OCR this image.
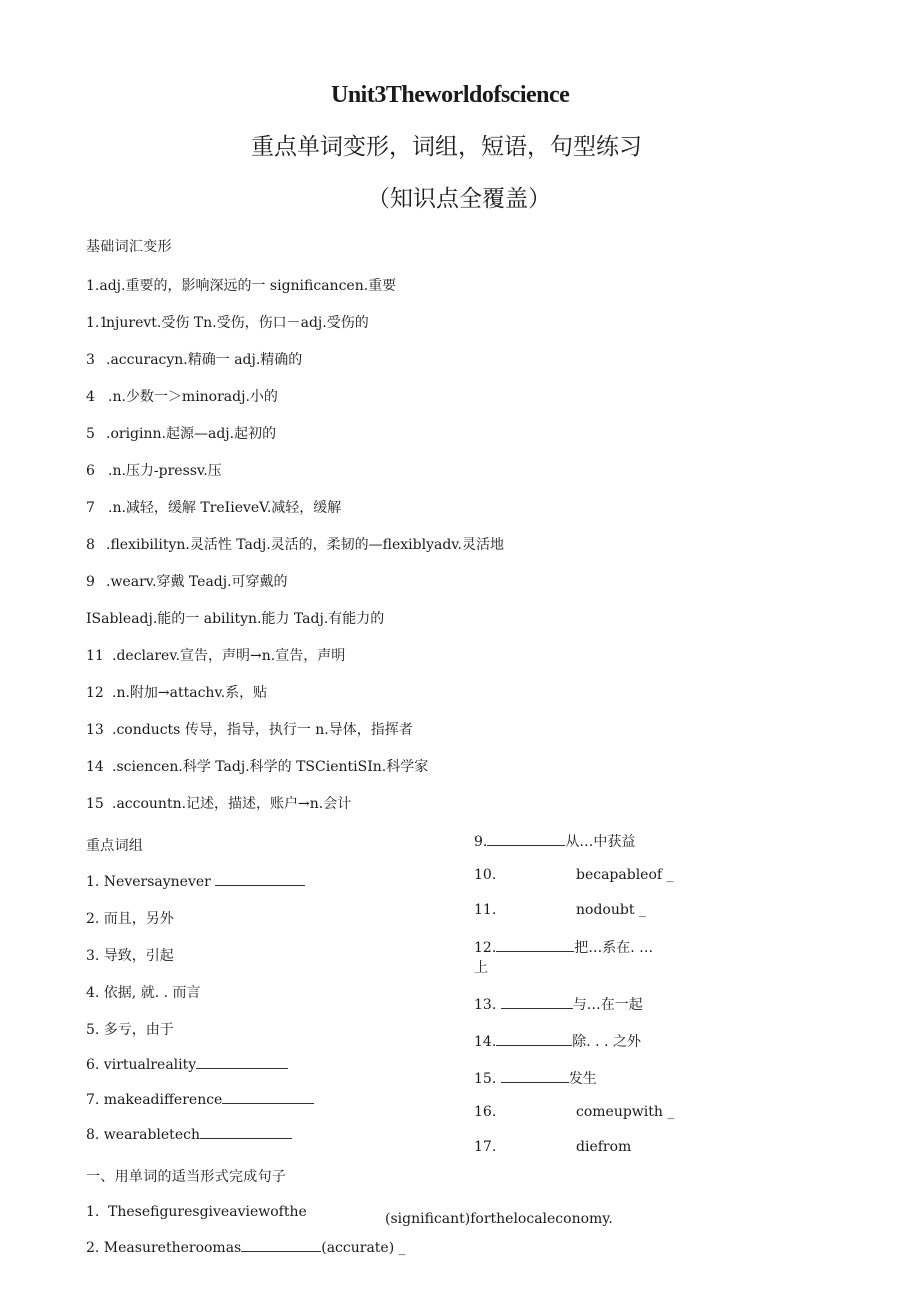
Unit3Theworldofscience
重点单词变形，词组，短语，句型练习
（知识点全覆盖）
基础词汇变形
1.adj.重要的，影响深远的一 significancen.重要
1.1njurevt.受伤 Tn.受伤，伤口－adj.受伤的
3 .accuracyn.精确一 adj.精确的
4 .n.少数一＞minoradj.小的
5 .originn.起源—adj.起初的
6 .n.压力-pressv.压
7 .n.减轻，缓解 TreIieveV.减轻，缓解
8 .flexibilityn.灵活性 Tadj.灵活的，柔韧的—flexiblyadv.灵活地
9 .wearv.穿戴 Teadj.可穿戴的
ISableadj.能的一 abilityn.能力 Tadj.有能力的
11 .declarev.宣告，声明→n.宣告，声明
12 .n.附加→attachv.系，贴
13 .conducts 传导，指导，执行一 n.导体，指挥者
14 .sciencen.科学 Tadj.科学的 TSCientiSIn.科学家
15 .accountn.记述，描述，账户→n.会计
重点词组
1. Neversaynever
2. 而且，另外
3. 导致，引起
4. 依据, 就. . 而言
5. 多亏，由于
6. virtualreality
7. makeadifference
8. wearabletech
9.	从…中获益
10.	becapableof _
11.	nodoubt _
12.	把…系在. …
上
13.	与…在一起
14.	除. . . 之外
15.	发生
16.	comeupwith _
17.	diefrom
一、用单词的适当形式完成句子
1. Thesefiguresgiveaviewofthe	(significant)forthelocaleconomy.
2. Measuretheroomas	(accurate) _
